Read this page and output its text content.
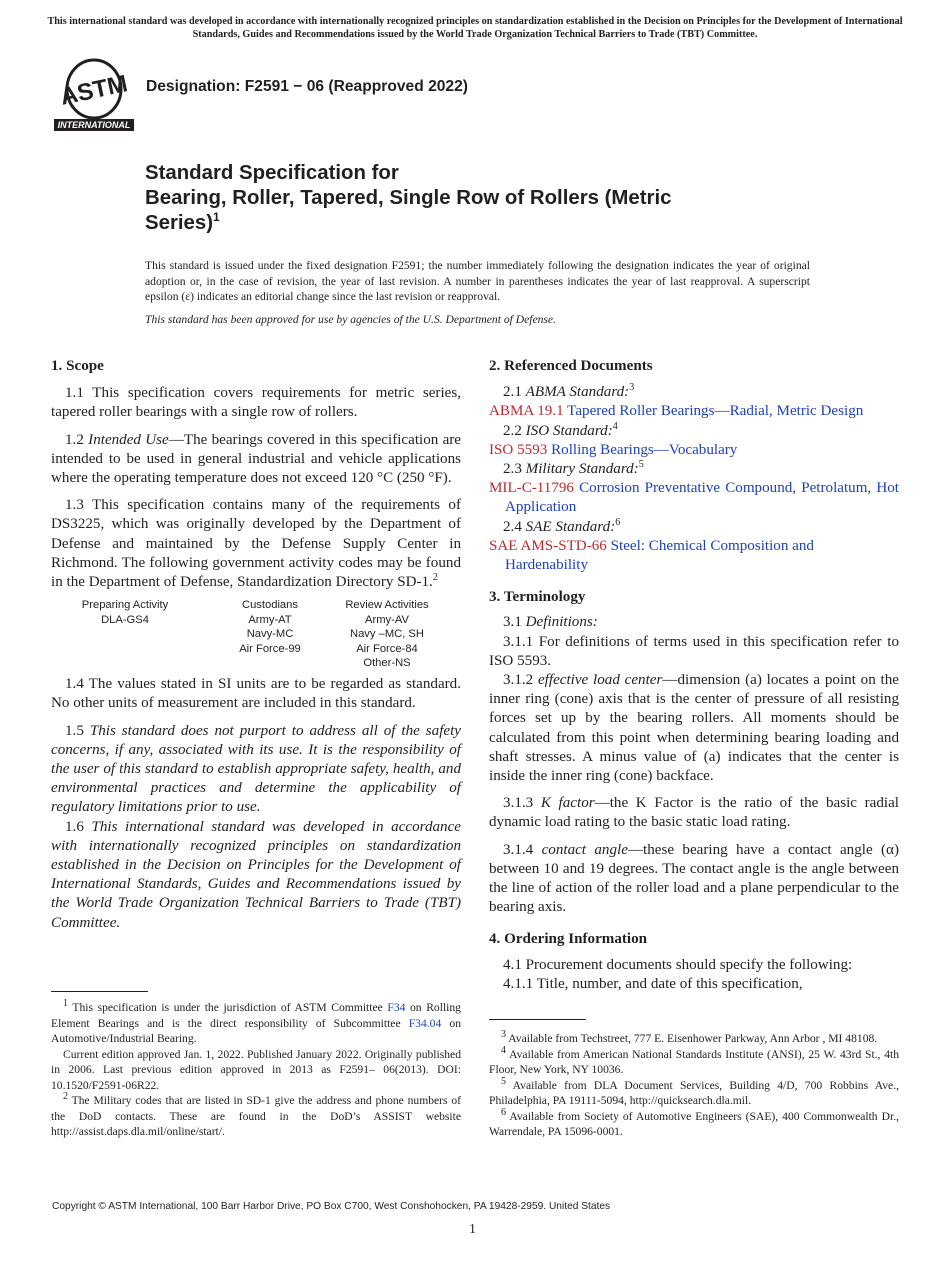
This international standard was developed in accordance with internationally recognized principles on standardization established in the Decision on Principles for the Development of International Standards, Guides and Recommendations issued by the World Trade Organization Technical Barriers to Trade (TBT) Committee.
ASTM
INTERNATIONAL
Designation: F2591 − 06 (Reapproved 2022)
Standard Specification for
Bearing, Roller, Tapered, Single Row of Rollers (Metric
Series)$^1$
This standard is issued under the fixed designation F2591; the number immediately following the designation indicates the year of original adoption or, in the case of revision, the year of last revision. A number in parentheses indicates the year of last reapproval. A superscript epsilon (ε) indicates an editorial change since the last revision or reapproval.
This standard has been approved for use by agencies of the U.S. Department of Defense.
1. Scope

1.1 This specification covers requirements for metric series, tapered roller bearings with a single row of rollers.

1.2 Intended Use—The bearings covered in this specification are intended to be used in general industrial and vehicle applications where the operating temperature does not exceed 120 °C (250 °F).

1.3 This specification contains many of the requirements of DS3225, which was originally developed by the Department of Defense and maintained by the Defense Supply Center in Richmond. The following government activity codes may be found in the Department of Defense, Standardization Directory SD-1.$^2$

Preparing Activity
DLA-GS4
Custodians
Army-AT
Navy-MC
Air Force-99
Review Activities
Army-AV
Navy –MC, SH
Air Force-84
Other-NS

1.4 The values stated in SI units are to be regarded as standard. No other units of measurement are included in this standard.

1.5 This standard does not purport to address all of the safety concerns, if any, associated with its use. It is the responsibility of the user of this standard to establish appropriate safety, health, and environmental practices and determine the applicability of regulatory limitations prior to use.

1.6 This international standard was developed in accordance with internationally recognized principles on standardization established in the Decision on Principles for the Development of International Standards, Guides and Recommendations issued by the World Trade Organization Technical Barriers to Trade (TBT) Committee.

$^1$ This specification is under the jurisdiction of ASTM Committee F34 on Rolling Element Bearings and is the direct responsibility of Subcommittee F34.04 on Automotive/Industrial Bearing.

Current edition approved Jan. 1, 2022. Published January 2022. Originally published in 2006. Last previous edition approved in 2013 as F2591– 06(2013). DOI: 10.1520/F2591-06R22.

$^2$ The Military codes that are listed in SD-1 give the address and phone numbers of the DoD contacts. These are found in the DoD’s ASSIST website http://assist.daps.dla.mil/online/start/.

2. Referenced Documents

2.1 ABMA Standard:$^3$

ABMA 19.1 Tapered Roller Bearings—Radial, Metric Design

2.2 ISO Standard:$^4$

ISO 5593 Rolling Bearings—Vocabulary

2.3 Military Standard:$^5$

MIL-C-11796 Corrosion Preventative Compound, Petrolatum, Hot Application

2.4 SAE Standard:$^6$

SAE AMS-STD-66 Steel: Chemical Composition and Hardenability

3. Terminology

3.1 Definitions:

3.1.1 For definitions of terms used in this specification refer to ISO 5593.

3.1.2 effective load center—dimension (a) locates a point on the inner ring (cone) axis that is the center of pressure of all resisting forces set up by the bearing rollers. All moments should be calculated from this point when determining bearing loading and shaft stresses. A minus value of (a) indicates that the center is inside the inner ring (cone) backface.

3.1.3 K factor—the K Factor is the ratio of the basic radial dynamic load rating to the basic static load rating.

3.1.4 contact angle—these bearing have a contact angle (α) between 10 and 19 degrees. The contact angle is the angle between the line of action of the roller load and a plane perpendicular to the bearing axis.

4. Ordering Information

4.1 Procurement documents should specify the following:

4.1.1 Title, number, and date of this specification,

$^3$ Available from Techstreet, 777 E. Eisenhower Parkway, Ann Arbor , MI 48108.

$^4$ Available from American National Standards Institute (ANSI), 25 W. 43rd St., 4th Floor, New York, NY 10036.

$^5$ Available from DLA Document Services, Building 4/D, 700 Robbins Ave., Philadelphia, PA 19111-5094, http://quicksearch.dla.mil.

$^6$ Available from Society of Automotive Engineers (SAE), 400 Commonwealth Dr., Warrendale, PA 15096-0001.

Copyright © ASTM International, 100 Barr Harbor Drive, PO Box C700, West Conshohocken, PA 19428-2959. United States
1
